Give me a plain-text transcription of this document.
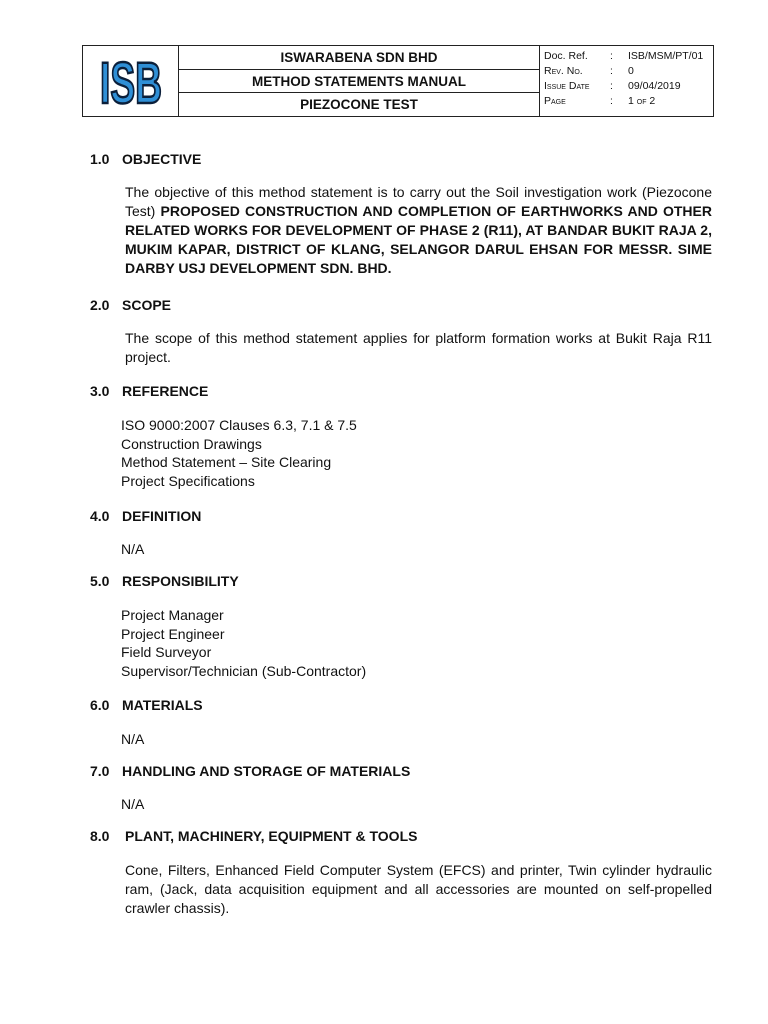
ISB	ISWARABENA SDN BHD
METHOD STATEMENTS MANUAL
PIEZOCONE TEST
Doc. Ref.	:	ISB/MSM/PT/01
Rev. No.	:	0
Issue Date	:	09/04/2019
Page	:	1 of 2
1.0 OBJECTIVE
The objective of this method statement is to carry out the Soil investigation work (Piezocone Test) PROPOSED CONSTRUCTION AND COMPLETION OF EARTHWORKS AND OTHER RELATED WORKS FOR DEVELOPMENT OF PHASE 2 (R11), AT BANDAR BUKIT RAJA 2, MUKIM KAPAR, DISTRICT OF KLANG, SELANGOR DARUL EHSAN FOR MESSR. SIME DARBY USJ DEVELOPMENT SDN. BHD.
2.0 SCOPE
The scope of this method statement applies for platform formation works at Bukit Raja R11 project.
3.0 REFERENCE
ISO 9000:2007 Clauses 6.3, 7.1 & 7.5
Construction Drawings
Method Statement – Site Clearing
Project Specifications
4.0 DEFINITION
N/A
5.0 RESPONSIBILITY
Project Manager
Project Engineer
Field Surveyor
Supervisor/Technician (Sub-Contractor)
6.0 MATERIALS
N/A
7.0 HANDLING AND STORAGE OF MATERIALS
N/A
8.0 PLANT, MACHINERY, EQUIPMENT & TOOLS
Cone, Filters, Enhanced Field Computer System (EFCS) and printer, Twin cylinder hydraulic ram, (Jack, data acquisition equipment and all accessories are mounted on self-propelled crawler chassis).
